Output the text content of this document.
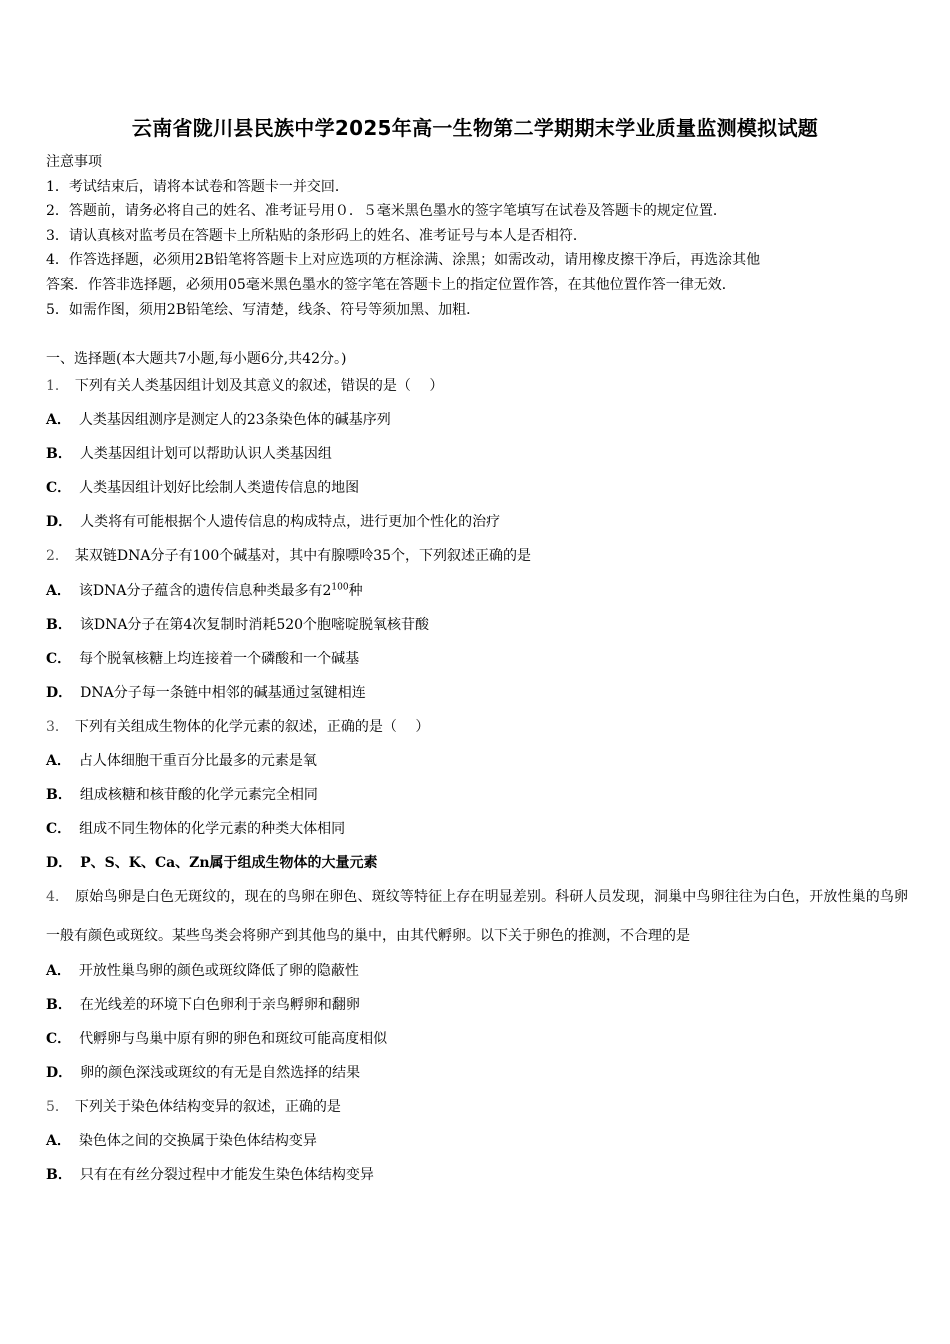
云南省陇川县民族中学2025年高一生物第二学期期末学业质量监测模拟试题
注意事项
1．考试结束后，请将本试卷和答题卡一并交回．
2．答题前，请务必将自己的姓名、准考证号用０．５毫米黑色墨水的签字笔填写在试卷及答题卡的规定位置．
3．请认真核对监考员在答题卡上所粘贴的条形码上的姓名、准考证号与本人是否相符．
4．作答选择题，必须用2B铅笔将答题卡上对应选项的方框涂满、涂黑；如需改动，请用橡皮擦干净后，再选涂其他
答案．作答非选择题，必须用05毫米黑色墨水的签字笔在答题卡上的指定位置作答，在其他位置作答一律无效．
5．如需作图，须用2B铅笔绘、写清楚，线条、符号等须加黑、加粗．
一、选择题(本大题共7小题,每小题6分,共42分。)
1． 下列有关人类基因组计划及其意义的叙述，错误的是（　 ）
A． 人类基因组测序是测定人的23条染色体的碱基序列
B． 人类基因组计划可以帮助认识人类基因组
C． 人类基因组计划好比绘制人类遗传信息的地图
D． 人类将有可能根据个人遗传信息的构成特点，进行更加个性化的治疗
2． 某双链DNA分子有100个碱基对，其中有腺嘌呤35个，下列叙述正确的是
A． 该DNA分子蕴含的遗传信息种类最多有$2^{100}$种
B． 该DNA分子在第4次复制时消耗520个胞嘧啶脱氧核苷酸
C． 每个脱氧核糖上均连接着一个磷酸和一个碱基
D． DNA分子每一条链中相邻的碱基通过氢键相连
3． 下列有关组成生物体的化学元素的叙述，正确的是（　 ）
A． 占人体细胞干重百分比最多的元素是氧
B． 组成核糖和核苷酸的化学元素完全相同
C． 组成不同生物体的化学元素的种类大体相同
D． P、S、K、Ca、Zn属于组成生物体的大量元素
4． 原始鸟卵是白色无斑纹的，现在的鸟卵在卵色、斑纹等特征上存在明显差别。科研人员发现，洞巢中鸟卵往往为白色，开放性巢的鸟卵一般有颜色或斑纹。某些鸟类会将卵产到其他鸟的巢中，由其代孵卵。以下关于卵色的推测，不合理的是
A． 开放性巢鸟卵的颜色或斑纹降低了卵的隐蔽性
B． 在光线差的环境下白色卵利于亲鸟孵卵和翻卵
C． 代孵卵与鸟巢中原有卵的卵色和斑纹可能高度相似
D． 卵的颜色深浅或斑纹的有无是自然选择的结果
5． 下列关于染色体结构变异的叙述，正确的是
A． 染色体之间的交换属于染色体结构变异
B． 只有在有丝分裂过程中才能发生染色体结构变异
